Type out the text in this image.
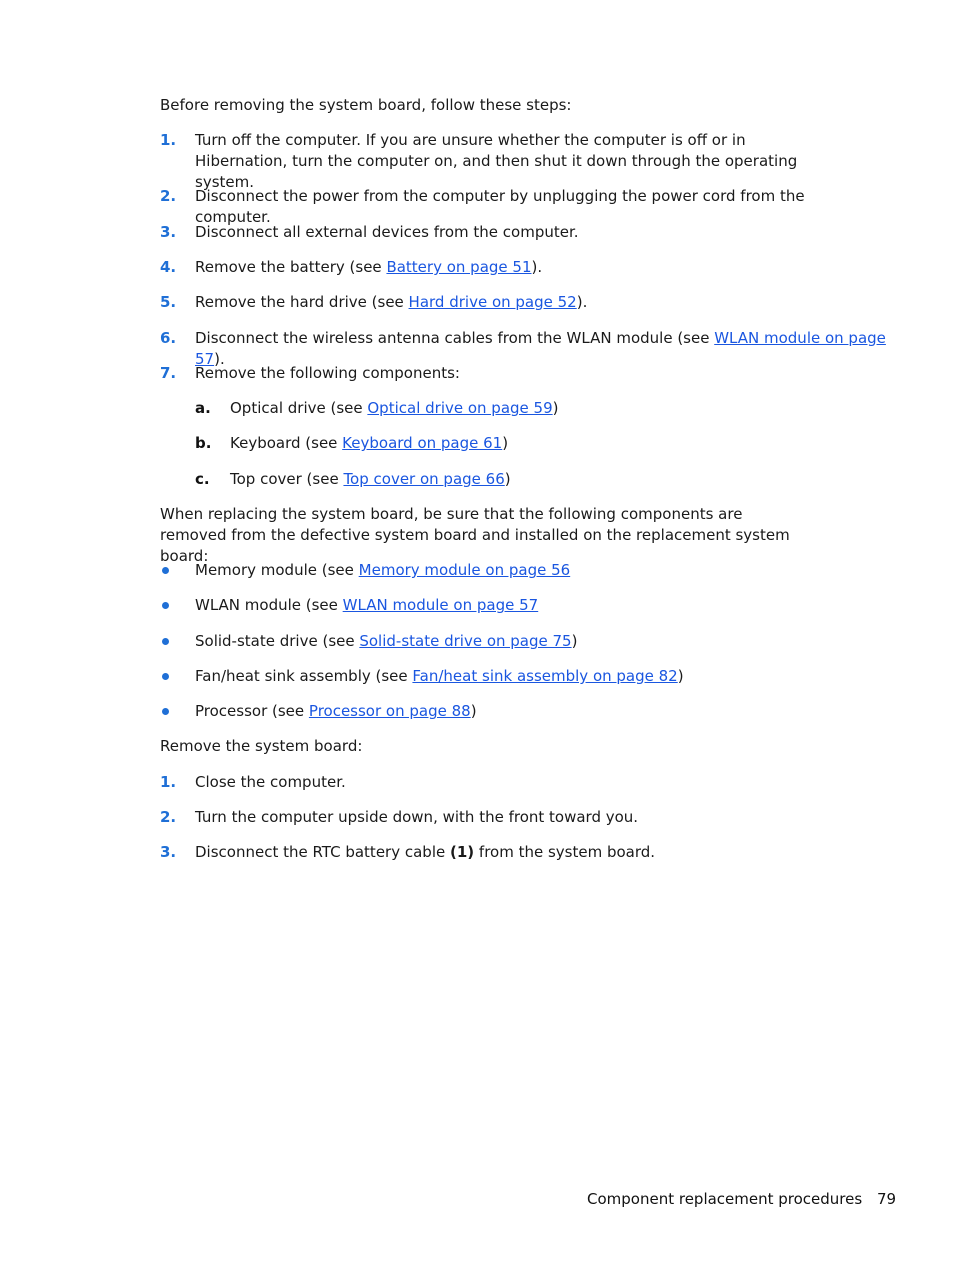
Before removing the system board, follow these steps:

1. Turn off the computer. If you are unsure whether the computer is off or in Hibernation, turn the computer on, and then shut it down through the operating system.
2. Disconnect the power from the computer by unplugging the power cord from the computer.
3. Disconnect all external devices from the computer.
4. Remove the battery (see Battery on page 51).
5. Remove the hard drive (see Hard drive on page 52).
6. Disconnect the wireless antenna cables from the WLAN module (see WLAN module on page 57).
7. Remove the following components:
a. Optical drive (see Optical drive on page 59)
b. Keyboard (see Keyboard on page 61)
c. Top cover (see Top cover on page 66)

When replacing the system board, be sure that the following components are removed from the defective system board and installed on the replacement system board:

Memory module (see Memory module on page 56
WLAN module (see WLAN module on page 57
Solid-state drive (see Solid-state drive on page 75)
Fan/heat sink assembly (see Fan/heat sink assembly on page 82)
Processor (see Processor on page 88)

Remove the system board:

1. Close the computer.
2. Turn the computer upside down, with the front toward you.
3. Disconnect the RTC battery cable (1) from the system board.
Component replacement procedures 79
